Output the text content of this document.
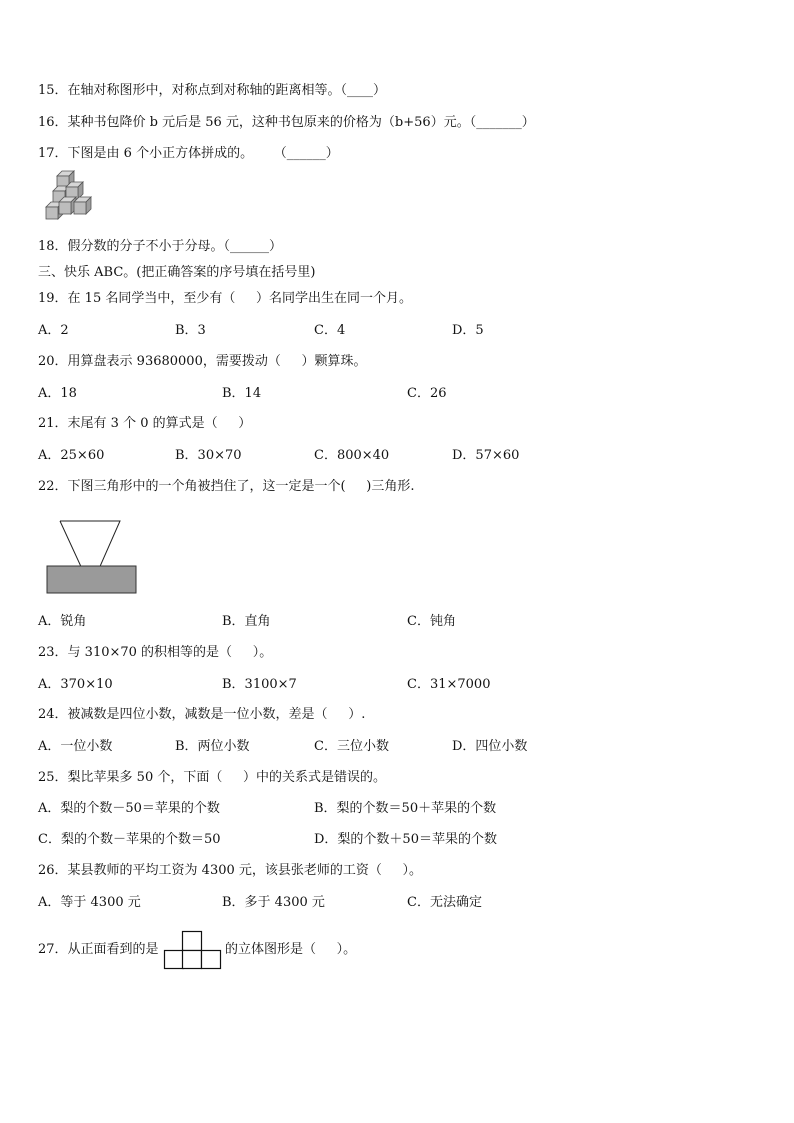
15．在轴对称图形中，对称点到对称轴的距离相等。（____）
16．某种书包降价 b 元后是 56 元，这种书包原来的价格为（b+56）元。（_______）
17．下图是由 6 个小正方体拼成的。     （______）
18．假分数的分子不小于分母。（______）
三、快乐 ABC。(把正确答案的序号填在括号里)
19．在 15 名同学当中，至少有（     ）名同学出生在同一个月。
A．2	B．3	C．4	D．5
20．用算盘表示 93680000，需要拨动（     ）颗算珠。
A．18	B．14	C．26
21．末尾有 3 个 0 的算式是（     ）
A．25×60	B．30×70	C．800×40	D．57×60
22．下图三角形中的一个角被挡住了，这一定是一个(     )三角形.
A．锐角	B．直角	C．钝角
23．与 310×70 的积相等的是（     ）。
A．370×10	B．3100×7	C．31×7000
24．被减数是四位小数，减数是一位小数，差是（     ）.
A．一位小数	B．两位小数	C．三位小数	D．四位小数
25．梨比苹果多 50 个，下面（     ）中的关系式是错误的。
A．梨的个数－50＝苹果的个数	B．梨的个数＝50＋苹果的个数
C．梨的个数－苹果的个数＝50	D．梨的个数＋50＝苹果的个数
26．某县教师的平均工资为 4300 元，该县张老师的工资（     ）。
A．等于 4300 元	B．多于 4300 元	C．无法确定
27．从正面看到的是	的立体图形是（     ）。
